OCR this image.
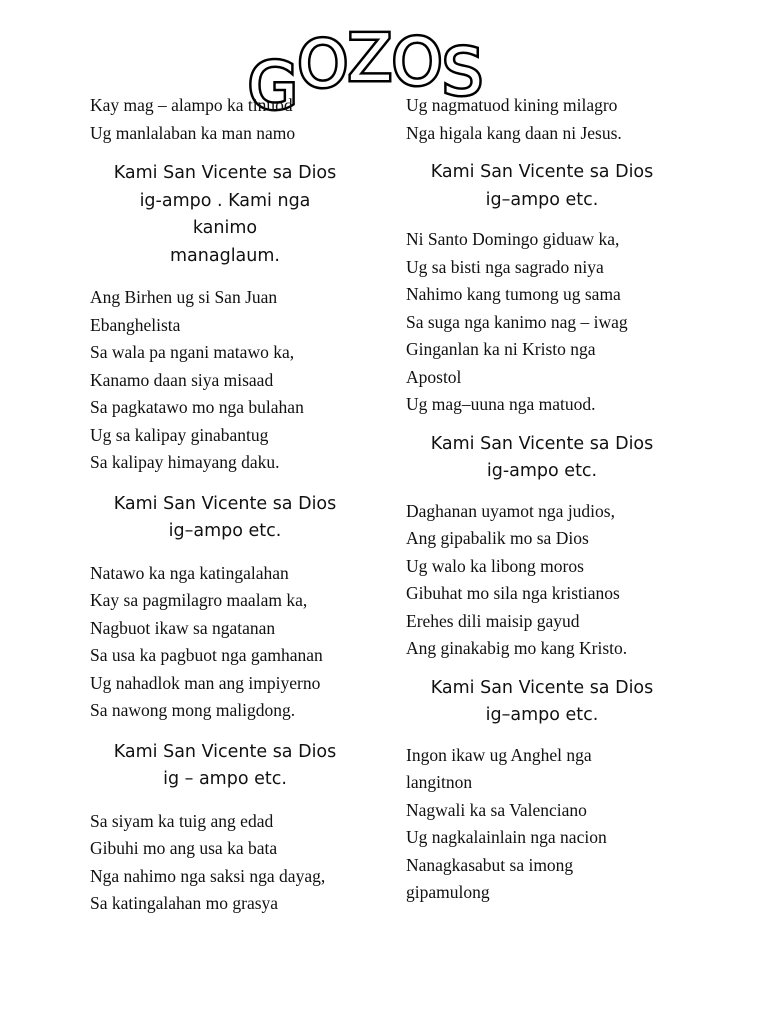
GOZOS
Kay mag – alampo ka tinuod
Ug manlalaban ka man namo
Kami San Vicente sa Dios
ig-ampo . Kami nga
kanimo
managlaum.
Ang Birhen ug si San Juan
Ebanghelista
Sa wala pa ngani matawo ka,
Kanamo daan siya misaad
Sa pagkatawo mo nga bulahan
Ug sa kalipay ginabantug
Sa kalipay himayang daku.
Kami San Vicente sa Dios
ig–ampo etc.
Natawo ka nga katingalahan
Kay sa pagmilagro maalam ka,
Nagbuot ikaw sa ngatanan
Sa usa ka pagbuot nga gamhanan
Ug nahadlok man ang impiyerno
Sa nawong mong maligdong.
Kami San Vicente sa Dios
ig – ampo etc.
Sa siyam ka tuig ang edad
Gibuhi mo ang usa ka bata
Nga nahimo nga saksi nga dayag,
Sa katingalahan mo grasya
Ug nagmatuod kining milagro
Nga higala kang daan ni Jesus.
Kami San Vicente sa Dios
ig–ampo etc.
Ni Santo Domingo giduaw ka,
Ug sa bisti nga sagrado niya
Nahimo kang tumong ug sama
Sa suga nga kanimo nag – iwag
Ginganlan ka ni Kristo nga
Apostol
Ug mag–uuna nga matuod.
Kami San Vicente sa Dios
ig-ampo etc.
Daghanan uyamot nga judios,
Ang gipabalik mo sa Dios
Ug walo ka libong moros
Gibuhat mo sila nga kristianos
Erehes dili maisip gayud
Ang ginakabig mo kang Kristo.
Kami San Vicente sa Dios
ig–ampo etc.
Ingon ikaw ug Anghel nga
langitnon
Nagwali ka sa Valenciano
Ug nagkalainlain nga nacion
Nanagkasabut sa imong
gipamulong
